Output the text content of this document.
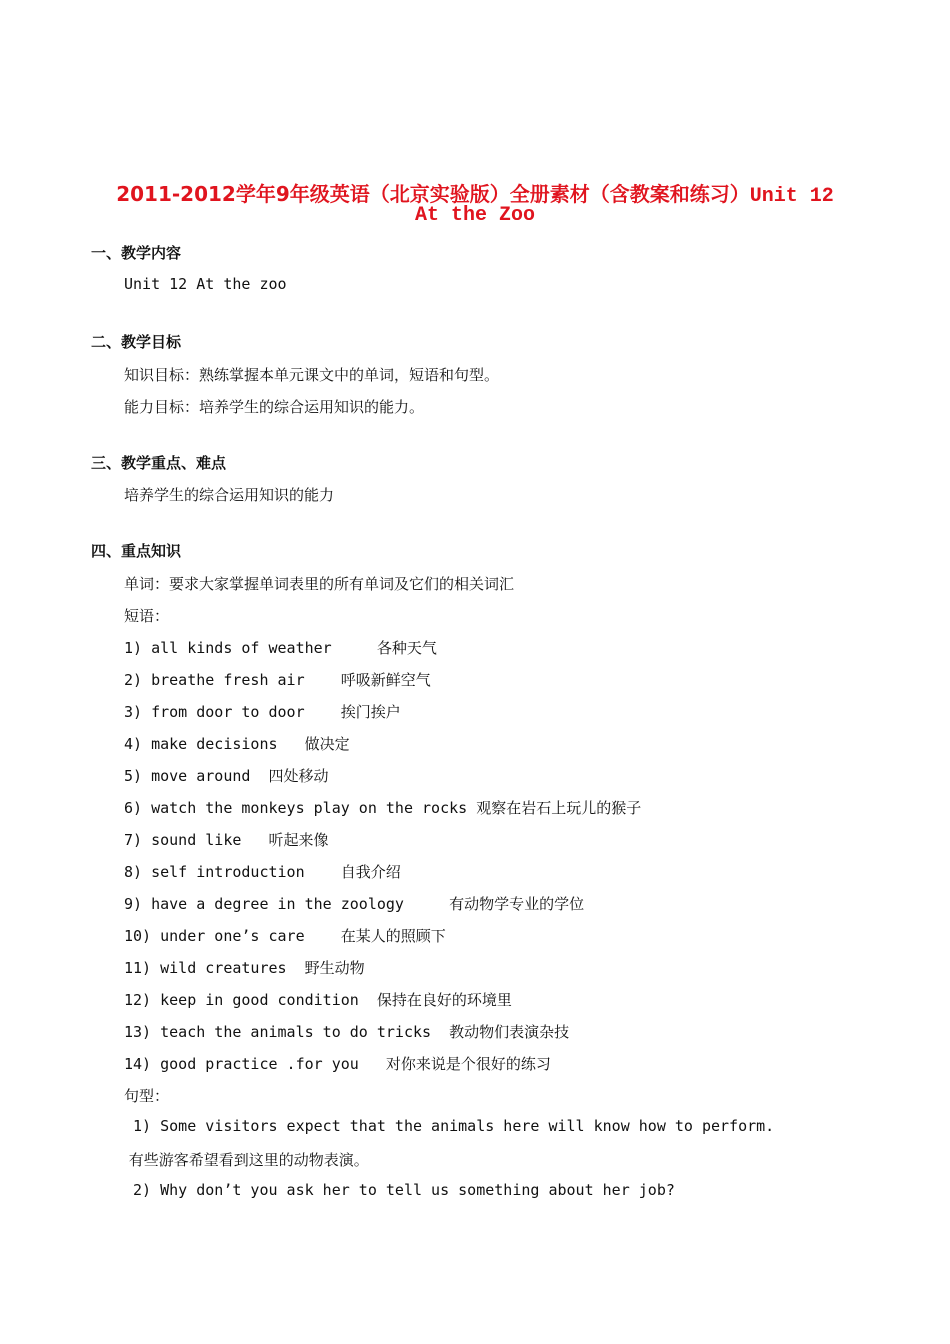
2011-2012学年9年级英语（北京实验版）全册素材（含教案和练习）Unit 12
At the Zoo
一、教学内容
Unit 12 At the zoo
二、教学目标
知识目标：熟练掌握本单元课文中的单词，短语和句型。
能力目标：培养学生的综合运用知识的能力。
三、教学重点、难点
培养学生的综合运用知识的能力
四、重点知识
单词：要求大家掌握单词表里的所有单词及它们的相关词汇
短语：
1) all kinds of weather     各种天气
2) breathe fresh air    呼吸新鲜空气
3) from door to door    挨门挨户
4) make decisions   做决定
5) move around  四处移动
6) watch the monkeys play on the rocks 观察在岩石上玩儿的猴子
7) sound like   听起来像
8) self introduction    自我介绍
9) have a degree in the zoology     有动物学专业的学位
10) under one’s care    在某人的照顾下
11) wild creatures  野生动物
12) keep in good condition  保持在良好的环境里
13) teach the animals to do tricks  教动物们表演杂技
14) good practice .for you   对你来说是个很好的练习
句型：
1) Some visitors expect that the animals here will know how to perform.
有些游客希望看到这里的动物表演。
2) Why don’t you ask her to tell us something about her job?
